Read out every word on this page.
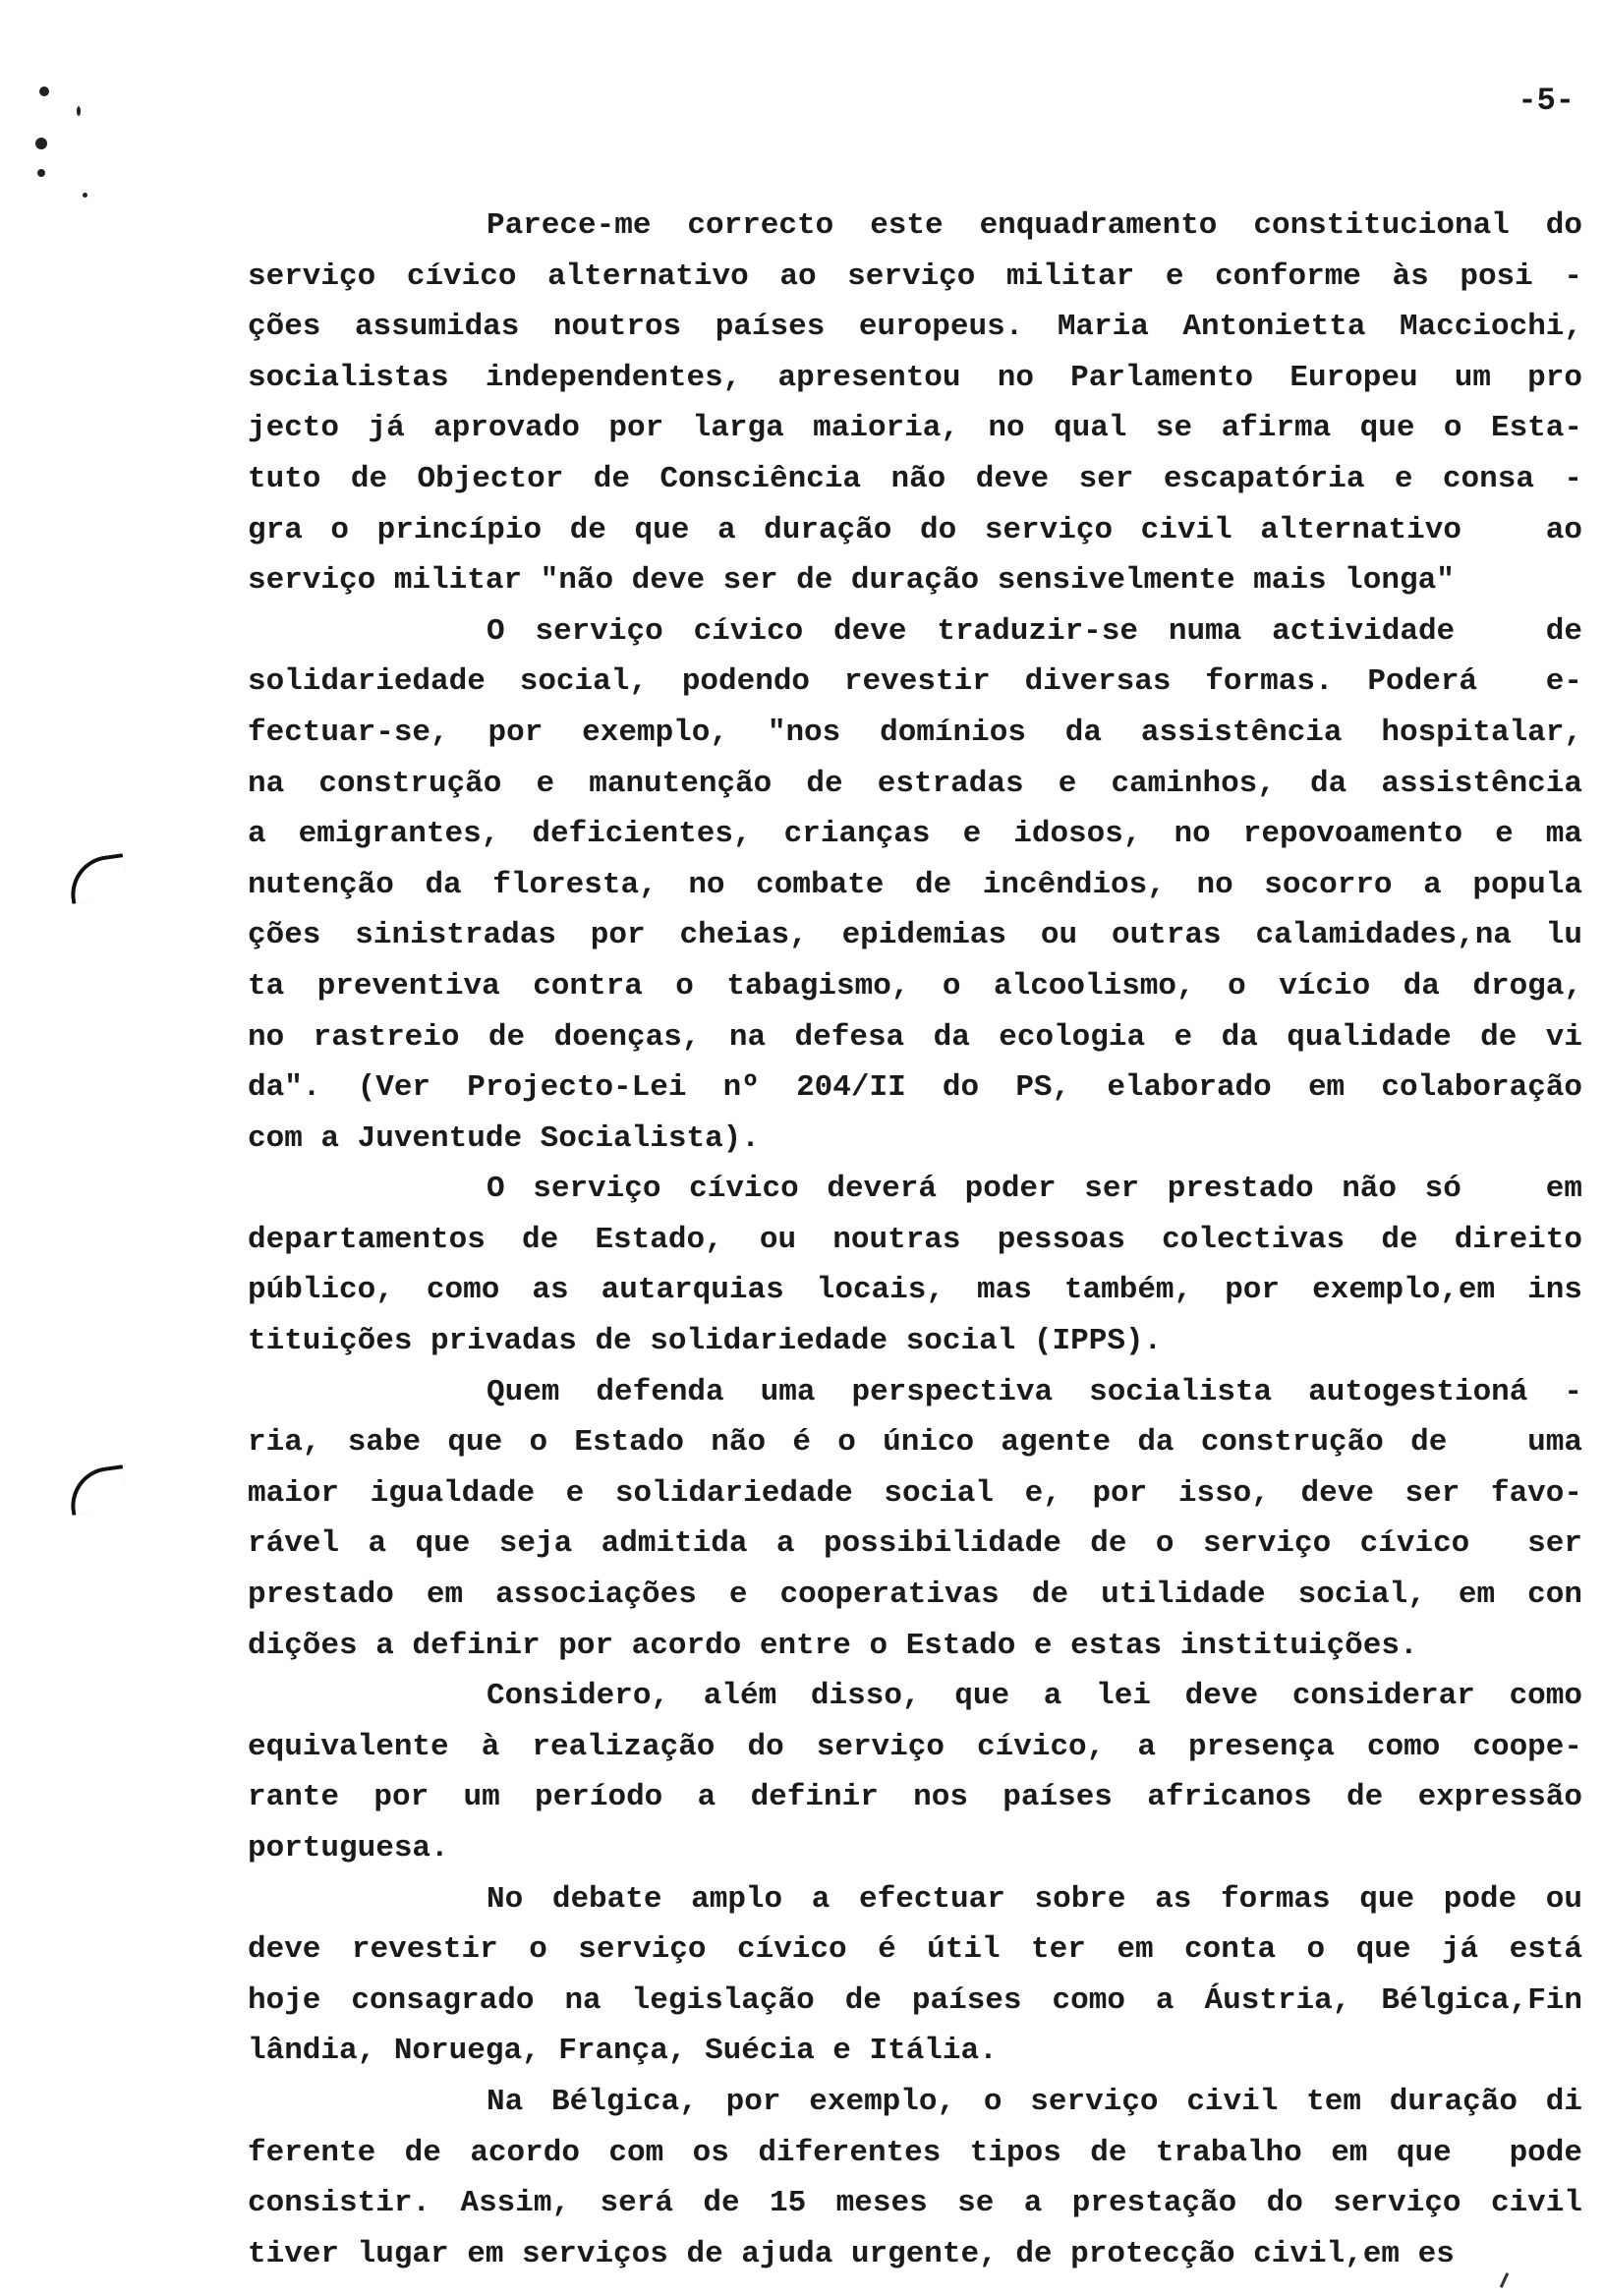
-5-
Parece-me correcto este enquadramento constitucional do
serviço cívico alternativo ao serviço militar e conforme às posi -
ções assumidas noutros países europeus. Maria Antonietta Macciochi,
socialistas independentes, apresentou no Parlamento Europeu um pro
jecto já aprovado por larga maioria, no qual se afirma que o Esta-
tuto de Objector de Consciência não deve ser escapatória e consa -
gra o princípio de que a duração do serviço civil alternativo   ao
serviço militar "não deve ser de duração sensivelmente mais longa"
O serviço cívico deve traduzir-se numa actividade   de
solidariedade social, podendo revestir diversas formas. Poderá  e-
fectuar-se, por exemplo, "nos domínios da assistência hospitalar,
na construção e manutenção de estradas e caminhos, da assistência
a emigrantes, deficientes, crianças e idosos, no repovoamento e ma
nutenção da floresta, no combate de incêndios, no socorro a popula
ções sinistradas por cheias, epidemias ou outras calamidades,na lu
ta preventiva contra o tabagismo, o alcoolismo, o vício da droga,
no rastreio de doenças, na defesa da ecologia e da qualidade de vi
da". (Ver Projecto-Lei nº 204/II do PS, elaborado em colaboração
com a Juventude Socialista).
O serviço cívico deverá poder ser prestado não só   em
departamentos de Estado, ou noutras pessoas colectivas de direito
público, como as autarquias locais, mas também, por exemplo,em ins
tituições privadas de solidariedade social (IPPS).
Quem defenda uma perspectiva socialista autogestioná -
ria, sabe que o Estado não é o único agente da construção de   uma
maior igualdade e solidariedade social e, por isso, deve ser favo-
rável a que seja admitida a possibilidade de o serviço cívico  ser
prestado em associações e cooperativas de utilidade social, em con
dições a definir por acordo entre o Estado e estas instituições.
Considero, além disso, que a lei deve considerar como
equivalente à realização do serviço cívico, a presença como coope-
rante por um período a definir nos países africanos de expressão
portuguesa.
No debate amplo a efectuar sobre as formas que pode ou
deve revestir o serviço cívico é útil ter em conta o que já está
hoje consagrado na legislação de países como a Áustria, Bélgica,Fin
lândia, Noruega, França, Suécia e Itália.
Na Bélgica, por exemplo, o serviço civil tem duração di
ferente de acordo com os diferentes tipos de trabalho em que  pode
consistir. Assim, será de 15 meses se a prestação do serviço civil
tiver lugar em serviços de ajuda urgente, de protecção civil,em es
